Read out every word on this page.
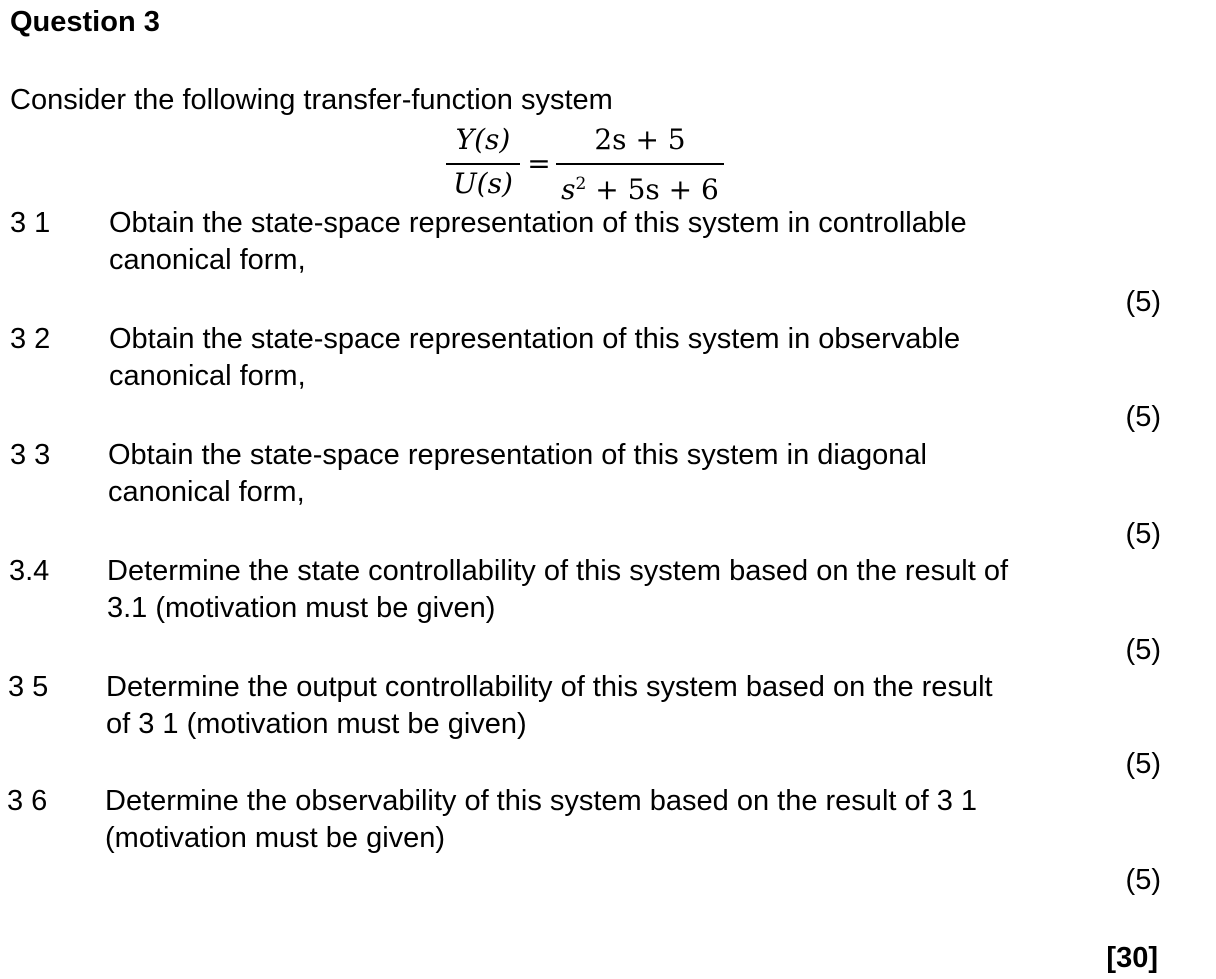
Question 3
Consider the following transfer-function system
Y(s)
U(s)
=
2s + 5
$s^2 + 5s + 6$
3 1 Obtain the state-space representation of this system in controllable
canonical form,
(5)
3 2 Obtain the state-space representation of this system in observable
canonical form,
(5)
3 3 Obtain the state-space representation of this system in diagonal
canonical form,
(5)
3.4 Determine the state controllability of this system based on the result of
3.1 (motivation must be given)
(5)
3 5 Determine the output controllability of this system based on the result
of 3 1 (motivation must be given)
(5)
3 6 Determine the observability of this system based on the result of 3 1
(motivation must be given)
(5)
[30]
